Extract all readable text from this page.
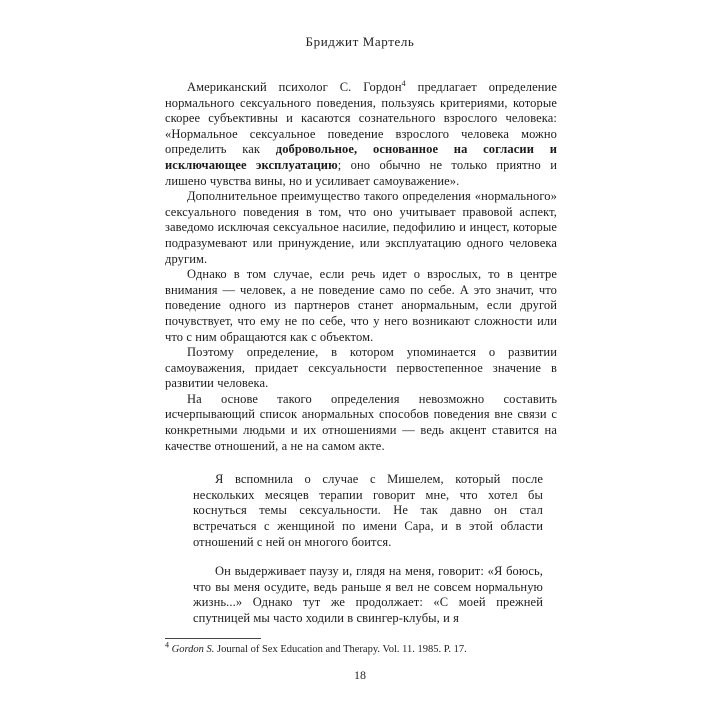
Бриджит Мартель

Американский психолог С. Гордон$^4$ предлагает определение нормального сексуального поведения, пользуясь критериями, которые скорее субъективны и касаются сознательного взрослого человека: «Нормальное сексуальное поведение взрослого человека можно определить как добровольное, основанное на согласии и исключающее эксплуатацию; оно обычно не только приятно и лишено чувства вины, но и усиливает самоуважение».

Дополнительное преимущество такого определения «нормального» сексуального поведения в том, что оно учитывает правовой аспект, заведомо исключая сексуальное насилие, педофилию и инцест, которые подразумевают или принуждение, или эксплуатацию одного человека другим.

Однако в том случае, если речь идет о взрослых, то в центре внимания — человек, а не поведение само по себе. А это значит, что поведение одного из партнеров станет анормальным, если другой почувствует, что ему не по себе, что у него возникают сложности или что с ним обращаются как с объектом.

Поэтому определение, в котором упоминается о развитии самоуважения, придает сексуальности первостепенное значение в развитии человека.

На основе такого определения невозможно составить исчерпывающий список анормальных способов поведения вне связи с конкретными людьми и их отношениями — ведь акцент ставится на качестве отношений, а не на самом акте.

Я вспомнила о случае с Мишелем, который после нескольких месяцев терапии говорит мне, что хотел бы коснуться темы сексуальности. Не так давно он стал встречаться с женщиной по имени Сара, и в этой области отношений с ней он многого боится.

Он выдерживает паузу и, глядя на меня, говорит: «Я боюсь, что вы меня осудите, ведь раньше я вел не совсем нормальную жизнь...» Однако тут же продолжает: «С моей прежней спутницей мы часто ходили в свингер-клубы, и я

$^4$ Gordon S. Journal of Sex Education and Therapy. Vol. 11. 1985. P. 17.

18
